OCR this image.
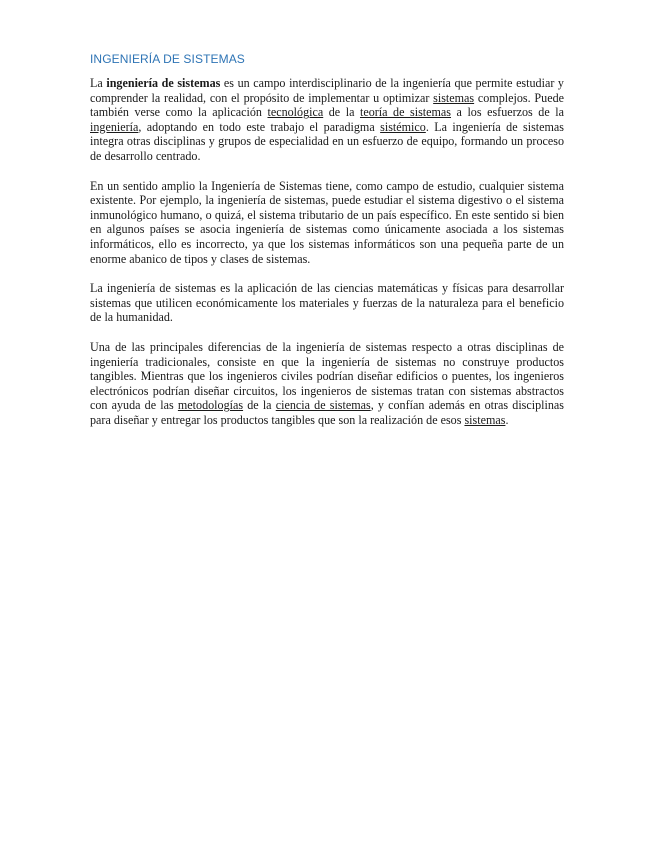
INGENIERÍA DE SISTEMAS

La ingeniería de sistemas es un campo interdisciplinario de la ingeniería que permite estudiar y comprender la realidad, con el propósito de implementar u optimizar sistemas complejos. Puede también verse como la aplicación tecnológica de la teoría de sistemas a los esfuerzos de la ingeniería, adoptando en todo este trabajo el paradigma sistémico. La ingeniería de sistemas integra otras disciplinas y grupos de especialidad en un esfuerzo de equipo, formando un proceso de desarrollo centrado.

En un sentido amplio la Ingeniería de Sistemas tiene, como campo de estudio, cualquier sistema existente. Por ejemplo, la ingeniería de sistemas, puede estudiar el sistema digestivo o el sistema inmunológico humano, o quizá, el sistema tributario de un país específico. En este sentido si bien en algunos países se asocia ingeniería de sistemas como únicamente asociada a los sistemas informáticos, ello es incorrecto, ya que los sistemas informáticos son una pequeña parte de un enorme abanico de tipos y clases de sistemas.

La ingeniería de sistemas es la aplicación de las ciencias matemáticas y físicas para desarrollar sistemas que utilicen económicamente los materiales y fuerzas de la naturaleza para el beneficio de la humanidad.

Una de las principales diferencias de la ingeniería de sistemas respecto a otras disciplinas de ingeniería tradicionales, consiste en que la ingeniería de sistemas no construye productos tangibles. Mientras que los ingenieros civiles podrían diseñar edificios o puentes, los ingenieros electrónicos podrían diseñar circuitos, los ingenieros de sistemas tratan con sistemas abstractos con ayuda de las metodologías de la ciencia de sistemas, y confían además en otras disciplinas para diseñar y entregar los productos tangibles que son la realización de esos sistemas.
